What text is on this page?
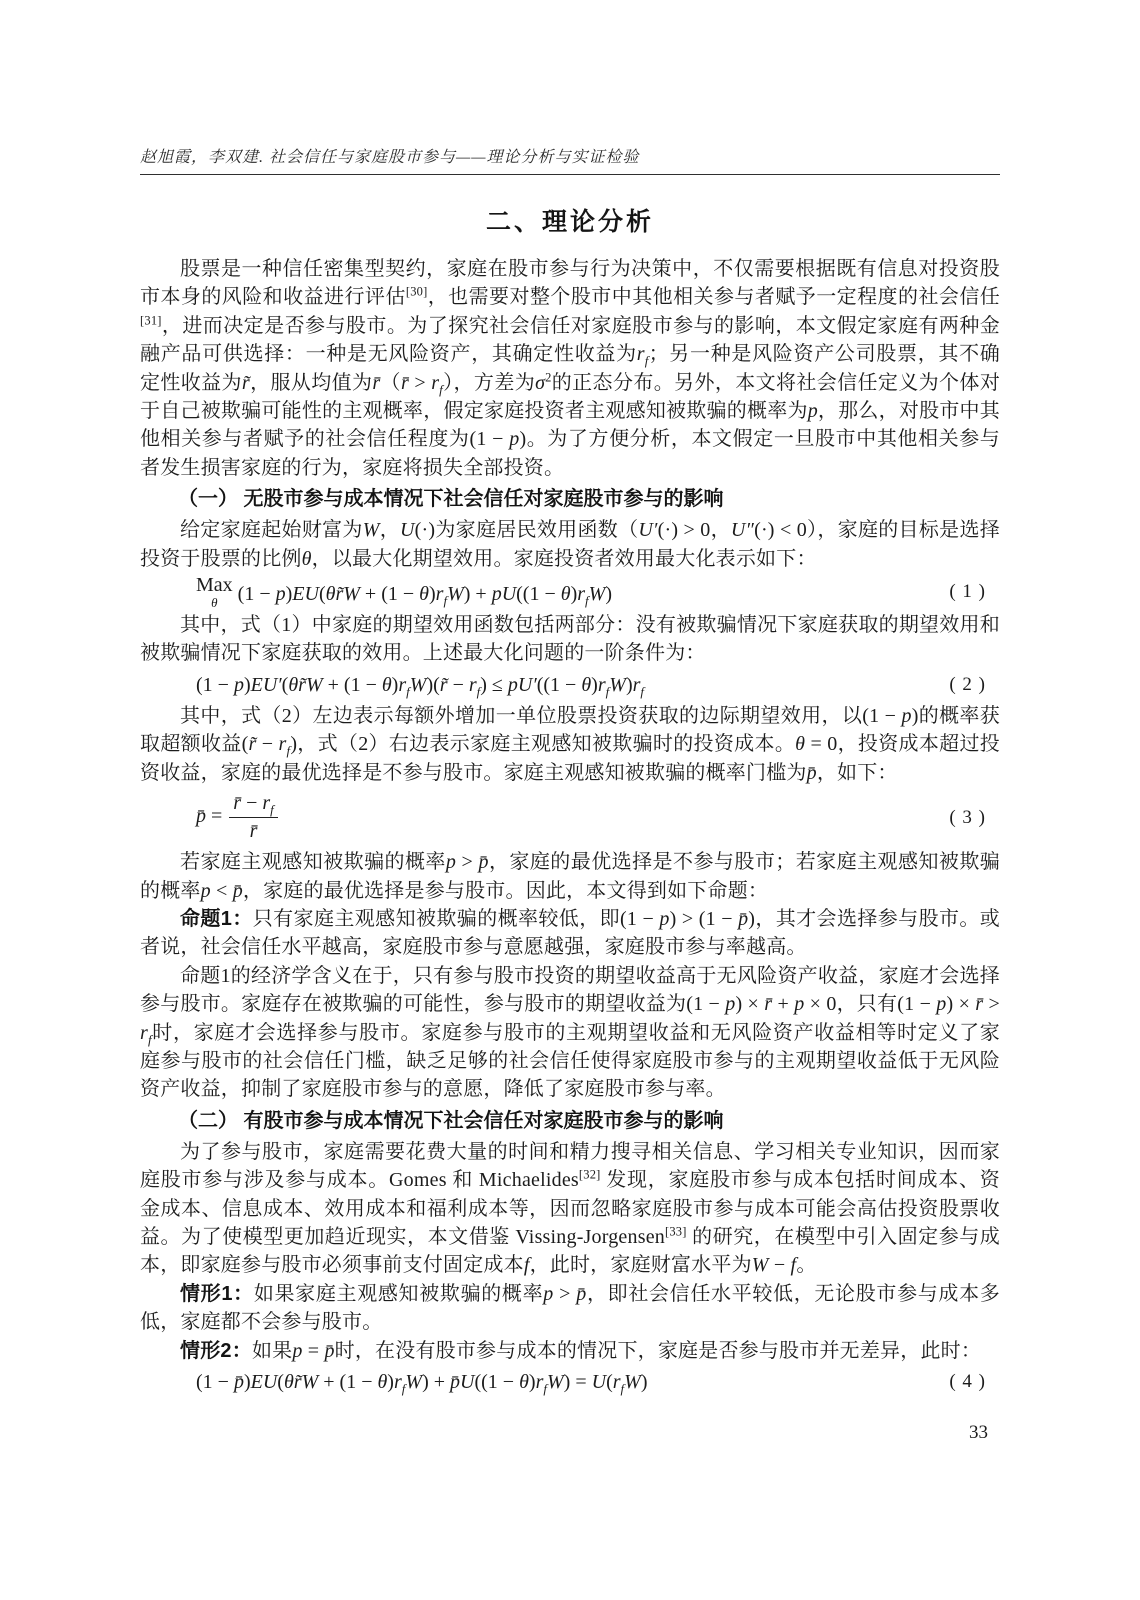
赵旭霞，李双建. 社会信任与家庭股市参与——理论分析与实证检验
二、理论分析

股票是一种信任密集型契约，家庭在股市参与行为决策中，不仅需要根据既有信息对投资股市本身的风险和收益进行评估[30]，也需要对整个股市中其他相关参与者赋予一定程度的社会信任[31]，进而决定是否参与股市。为了探究社会信任对家庭股市参与的影响，本文假定家庭有两种金融产品可供选择：一种是无风险资产，其确定性收益为$r_f$；另一种是风险资产公司股票，其不确定性收益为r̃，服从均值为r̄（r̄ > $r_f$），方差为$\sigma^2$的正态分布。另外，本文将社会信任定义为个体对于自己被欺骗可能性的主观概率，假定家庭投资者主观感知被欺骗的概率为p，那么，对股市中其他相关参与者赋予的社会信任程度为(1 − p)。为了方便分析，本文假定一旦股市中其他相关参与者发生损害家庭的行为，家庭将损失全部投资。

（一） 无股市参与成本情况下社会信任对家庭股市参与的影响

给定家庭起始财富为W，U(·)为家庭居民效用函数（U′(·) > 0，U″(·) < 0），家庭的目标是选择投资于股票的比例θ，以最大化期望效用。家庭投资者效用最大化表示如下：

Max
θ (1 − p)EU(θr̃W + $(1 - \theta)r_fW) + pU((1 - \theta)r_fW)$	( 1 )

其中，式（1）中家庭的期望效用函数包括两部分：没有被欺骗情况下家庭获取的期望效用和被欺骗情况下家庭获取的效用。上述最大化问题的一阶条件为：

(1 − p)EU′(θr̃W + $(1 - \theta)r_fW)(r̃ - r_f) \le pU'((1 - \theta)r_fW)r_f$	( 2 )

其中，式（2）左边表示每额外增加一单位股票投资获取的边际期望效用，以(1 − p)的概率获取超额收益(r̃ − $r_f$)，式（2）右边表示家庭主观感知被欺骗时的投资成本。θ = 0，投资成本超过投资收益，家庭的最优选择是不参与股市。家庭主观感知被欺骗的概率门槛为p̄，如下：

p̄ = $\frac{r̄ - r_f}{r̄}$	( 3 )

若家庭主观感知被欺骗的概率p > p̄，家庭的最优选择是不参与股市；若家庭主观感知被欺骗的概率p < p̄，家庭的最优选择是参与股市。因此，本文得到如下命题：

命题1：只有家庭主观感知被欺骗的概率较低，即(1 − p) > (1 − p̄)，其才会选择参与股市。或者说，社会信任水平越高，家庭股市参与意愿越强，家庭股市参与率越高。

命题1的经济学含义在于，只有参与股市投资的期望收益高于无风险资产收益，家庭才会选择参与股市。家庭存在被欺骗的可能性，参与股市的期望收益为(1 − p) × r̄ + p × 0，只有(1 − p) × r̄ > $r_f$时，家庭才会选择参与股市。家庭参与股市的主观期望收益和无风险资产收益相等时定义了家庭参与股市的社会信任门槛，缺乏足够的社会信任使得家庭股市参与的主观期望收益低于无风险资产收益，抑制了家庭股市参与的意愿，降低了家庭股市参与率。

（二） 有股市参与成本情况下社会信任对家庭股市参与的影响

为了参与股市，家庭需要花费大量的时间和精力搜寻相关信息、学习相关专业知识，因而家庭股市参与涉及参与成本。Gomes 和 Michaelides[32] 发现，家庭股市参与成本包括时间成本、资金成本、信息成本、效用成本和福利成本等，因而忽略家庭股市参与成本可能会高估投资股票收益。为了使模型更加趋近现实，本文借鉴 Vissing-Jorgensen[33] 的研究，在模型中引入固定参与成本，即家庭参与股市必须事前支付固定成本f，此时，家庭财富水平为W − f。

情形1：如果家庭主观感知被欺骗的概率p > p̄，即社会信任水平较低，无论股市参与成本多低，家庭都不会参与股市。

情形2：如果p = p̄时，在没有股市参与成本的情况下，家庭是否参与股市并无差异，此时：

(1 − p̄)EU(θr̃W + $(1 - \theta)r_fW$) + p̄U((1 − $\theta)r_fW) = U(r_fW)$	( 4 )
33
